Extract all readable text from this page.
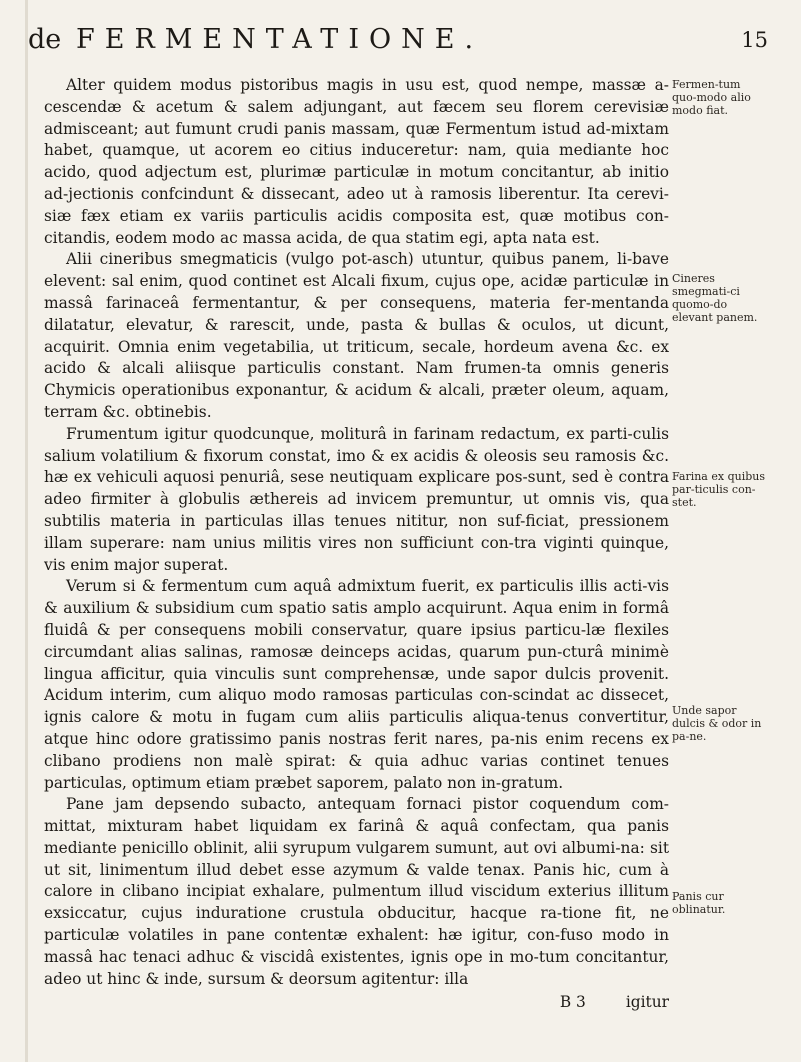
de FERMENTATIONE.	15

Alter quidem modus pistoribus magis in usu est, quod nempe, massæ a-cescendæ & acetum & salem adjungant, aut fæcem seu florem cerevisiæ admiscеant; aut fumunt crudi panis massam, quæ Fermentum istud ad-mixtam habet, quamque, ut acorem eo citius induceretur: nam, quia mediante hoc acido, quod adjectum est, plurimæ particulæ in motum concitantur, ab initio ad-jectionis confcindunt & dissecant, adeo ut à ramosis liberentur. Ita cerevi-siæ fæx etiam ex variis particulis acidis composita est, quæ motibus con-citandis, eodem modo ac massa acida, de qua statim egi, apta nata est.

Alii cineribus smegmaticis (vulgo pot-asch) utuntur, quibus panem, li-bave elevent: sal enim, quod continet est Alcali fixum, cujus ope, acidæ particulæ in massâ farinaceâ fermentantur, & per consequens, materia fer-mentanda dilatatur, elevatur, & rarescit, unde, pasta & bullas & oculos, ut dicunt, acquirit. Omnia enim vegetabilia, ut triticum, secale, hordeum avena &c. ex acido & alcali aliisque particulis constant. Nam frumen-ta omnis generis Chymicis operationibus exponantur, & acidum & alcali, præter oleum, aquam, terram &c. obtinebis.

Frumentum igitur quodcunque, moliturâ in farinam redactum, ex parti-culis salium volatilium & fixorum constat, imo & ex acidis & oleosis seu ramosis &c. hæ ex vehiculi aquosi penuriâ, sese neutiquam explicare pos-sunt, sed è contra adeo firmiter à globulis æthereis ad invicem premuntur, ut omnis vis, qua subtilis materia in particulas illas tenues nititur, non suf-ficiat, pressionem illam superare: nam unius militis vires non sufficiunt con-tra viginti quinque, vis enim major superat.

Verum si & fermentum cum aquâ admixtum fuerit, ex particulis illis acti-vis & auxilium & subsidium cum spatio satis amplo acquirunt. Aqua enim in formâ fluidâ & per consequens mobili conservatur, quare ipsius particu-læ flexiles circumdant alias salinas, ramosæ deinceps acidas, quarum pun-cturâ minimè lingua afficitur, quia vinculis sunt comprehensæ, unde sapor dulcis provenit. Acidum interim, cum aliquo modo ramosas particulas con-scindat ac dissecet, ignis calore & motu in fugam cum aliis particulis aliqua-tenus convertitur, atque hinc odore gratissimo panis nostras ferit nares, pa-nis enim recens ex clibano prodiens non malè spirat: & quia adhuc varias continet tenues particulas, optimum etiam præbet saporem, palato non in-gratum.

Pane jam depsendo subacto, antequam fornaci pistor coquendum com-mittat, mixturam habet liquidam ex farinâ & aquâ confectam, qua panis mediante penicillo oblinit, alii syrupum vulgarem sumunt, aut ovi albumi-na: sit ut sit, linimentum illud debet esse azymum & valde tenax. Panis hic, cum à calore in clibano incipiat exhalare, pulmentum illud viscidum exterius illitum exsiccatur, cujus induratione crustula obducitur, hacque ra-tione fit, ne particulæ volatiles in pane contentæ exhalent: hæ igitur, con-fuso modo in massâ hac tenaci adhuc & viscidâ existentes, ignis ope in mo-tum concitantur, adeo ut hinc & inde, sursum & deorsum agitentur: illa

B 3	igitur

Fermen-tum quo-modo alio modo fiat.
Cineres smegmati-ci quomo-do elevant panem.
Farina ex quibus par-ticulis con-stet.
Unde sapor dulcis & odor in pa-ne.
Panis cur oblinatur.
